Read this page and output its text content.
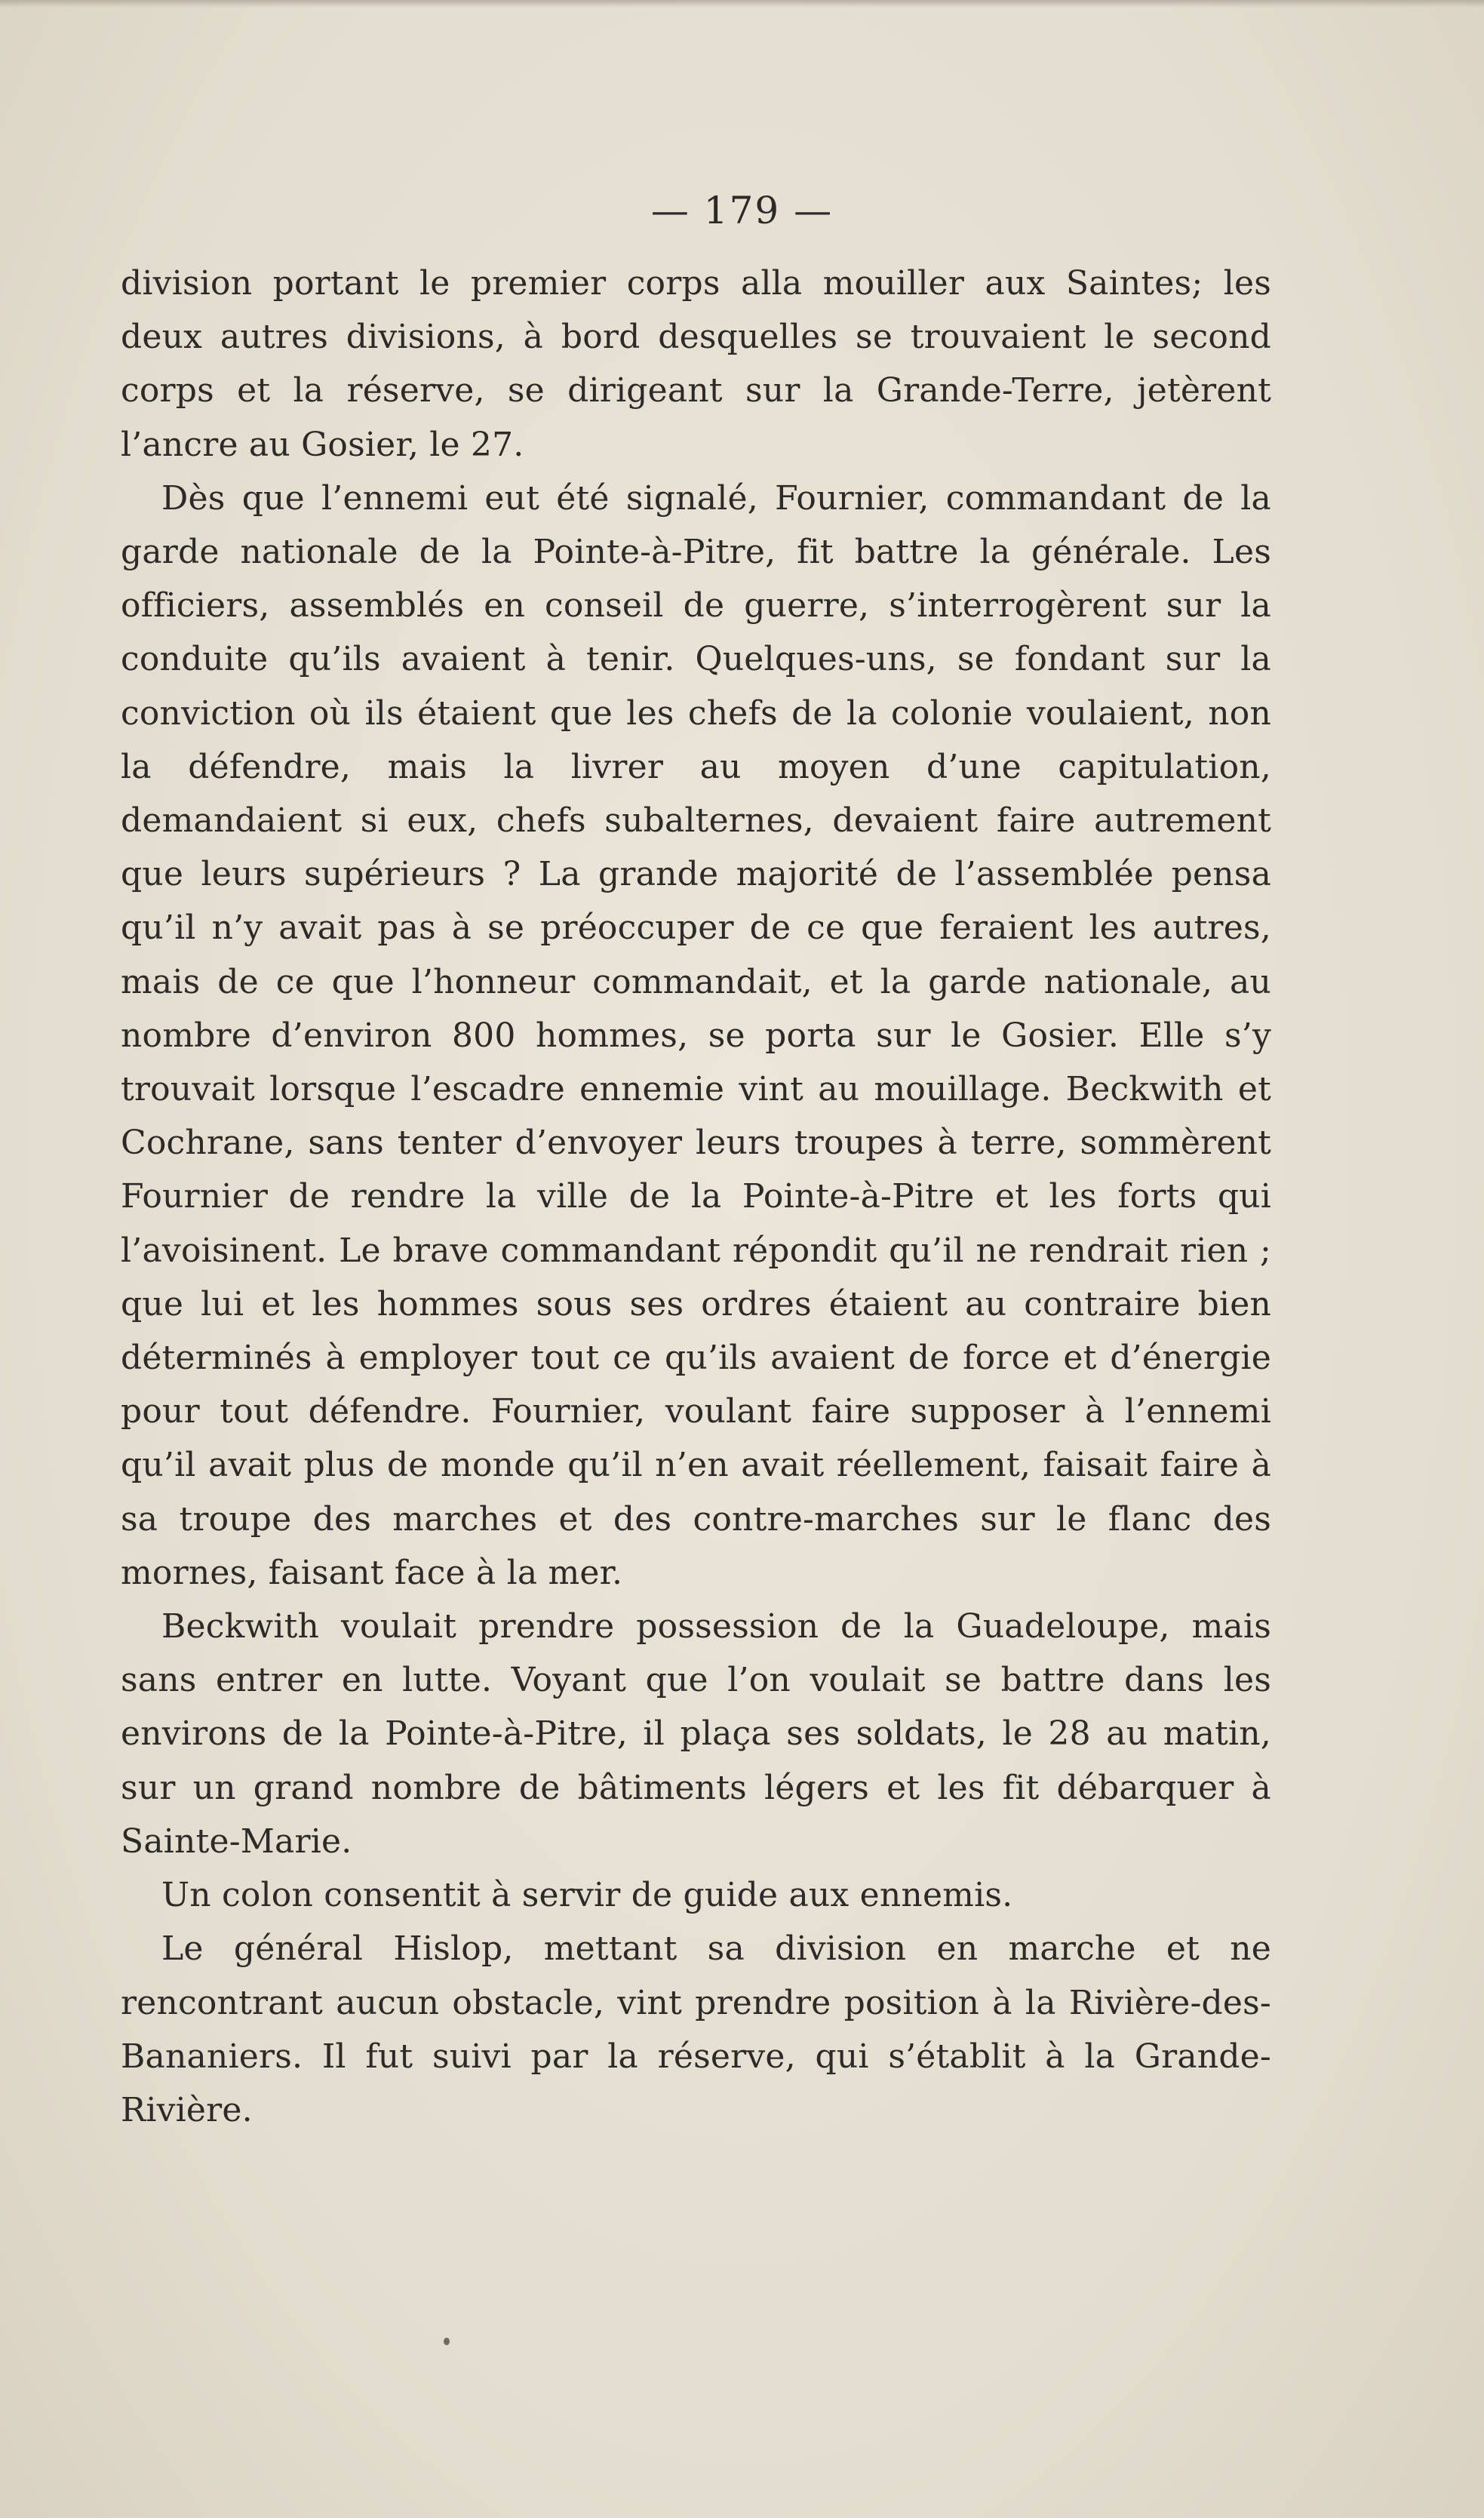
— 179 —

division portant le premier corps alla mouiller aux Saintes; les deux autres divisions, à bord desquelles se trouvaient le second corps et la réserve, se dirigeant sur la Grande-Terre, jetèrent l’ancre au Gosier, le 27.

Dès que l’ennemi eut été signalé, Fournier, commandant de la garde nationale de la Pointe-à-Pitre, fit battre la générale. Les officiers, assemblés en conseil de guerre, s’interrogèrent sur la conduite qu’ils avaient à tenir. Quelques-uns, se fondant sur la conviction où ils étaient que les chefs de la colonie voulaient, non la défendre, mais la livrer au moyen d’une capitulation, demandaient si eux, chefs subalternes, devaient faire autrement que leurs supérieurs ? La grande majorité de l’assemblée pensa qu’il n’y avait pas à se préoccuper de ce que feraient les autres, mais de ce que l’honneur commandait, et la garde nationale, au nombre d’environ 800 hommes, se porta sur le Gosier. Elle s’y trouvait lorsque l’escadre ennemie vint au mouillage. Beckwith et Cochrane, sans tenter d’envoyer leurs troupes à terre, sommèrent Fournier de rendre la ville de la Pointe-à-Pitre et les forts qui l’avoisinent. Le brave commandant répondit qu’il ne rendrait rien ; que lui et les hommes sous ses ordres étaient au contraire bien déterminés à employer tout ce qu’ils avaient de force et d’énergie pour tout défendre. Fournier, voulant faire supposer à l’ennemi qu’il avait plus de monde qu’il n’en avait réellement, faisait faire à sa troupe des marches et des contre-marches sur le flanc des mornes, faisant face à la mer.

Beckwith voulait prendre possession de la Guadeloupe, mais sans entrer en lutte. Voyant que l’on voulait se battre dans les environs de la Pointe-à-Pitre, il plaça ses soldats, le 28 au matin, sur un grand nombre de bâtiments légers et les fit débarquer à Sainte-Marie.

Un colon consentit à servir de guide aux ennemis.

Le général Hislop, mettant sa division en marche et ne rencontrant aucun obstacle, vint prendre position à la Rivière-des-Bananiers. Il fut suivi par la réserve, qui s’établit à la Grande-Rivière.
